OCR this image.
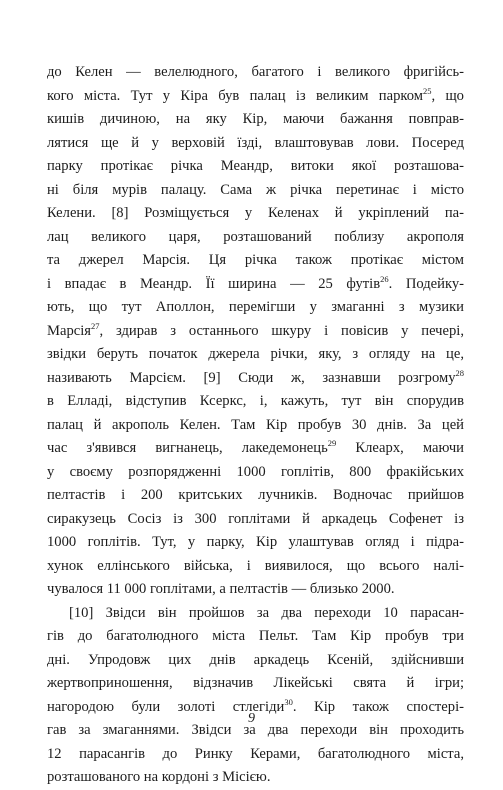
до Келен — велелюдного, багатого і великого фригійсь-
кого міста. Тут у Кіра був палац із великим парком$^{25}$, що
кишів дичиною, на яку Кір, маючи бажання повправ-
лятися ще й у верховій їзді, влаштовував лови. Посеред
парку протікає річка Меандр, витоки якої розташова-
ні біля мурів палацу. Сама ж річка перетинає і місто
Келени. [8] Розміщується у Келенах й укріплений па-
лац великого царя, розташований поблизу акрополя
та джерел Марсія. Ця річка також протікає містом
і впадає в Меандр. Її ширина — 25 футів$^{26}$. Подейку-
ють, що тут Аполлон, перемігши у змаганні з музики
Марсія$^{27}$, здирав з останнього шкуру і повісив у печері,
звідки беруть початок джерела річки, яку, з огляду на це,
називають Марсієм. [9] Сюди ж, зазнавши розгрому$^{28}$
в Елладі, відступив Ксеркс, і, кажуть, тут він спорудив
палац й акрополь Келен. Там Кір пробув 30 днів. За цей
час з'явився вигнанець, лакедемонець$^{29}$ Клеарх, маючи
у своєму розпорядженні 1000 гоплітів, 800 фракійських
пелтастів і 200 критських лучників. Водночас прийшов
сиракузець Сосіз із 300 гоплітами й аркадець Софенет із
1000 гоплітів. Тут, у парку, Кір улаштував огляд і підра-
хунок еллінського війська, і виявилося, що всього налі-
чувалося 11 000 гоплітами, а пелтастів — близько 2000.
[10] Звідси він пройшов за два переходи 10 парасан-
гів до багатолюдного міста Пельт. Там Кір пробув три
дні. Упродовж цих днів аркадець Ксеній, здійснивши
жертвоприношення, відзначив Лікейські свята й ігри;
нагородою були золоті стлегіди$^{30}$. Кір також спостері-
гав за змаганнями. Звідси за два переходи він проходить
12 парасангів до Ринку Керами, багатолюдного міста,
розташованого на кордоні з Місією.
9
